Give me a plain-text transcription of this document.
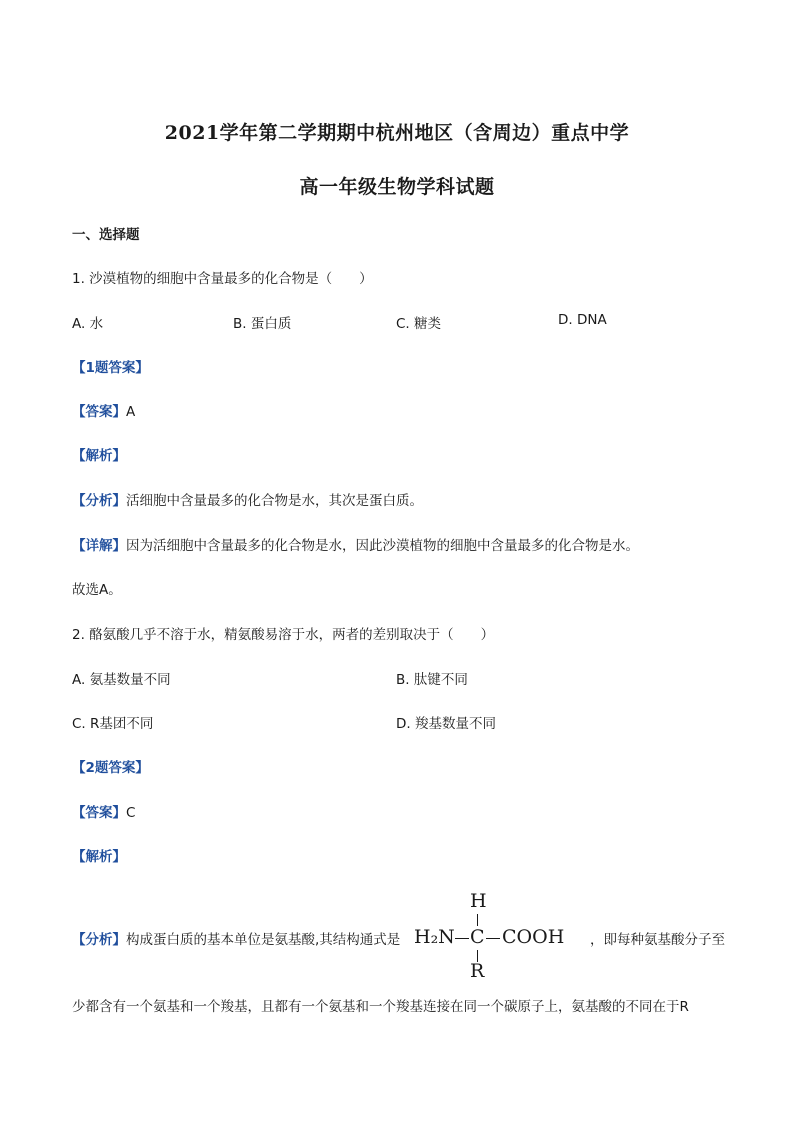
2021学年第二学期期中杭州地区（含周边）重点中学
高一年级生物学科试题
一、选择题
1. 沙漠植物的细胞中含量最多的化合物是（　　）
A. 水	B. 蛋白质	C. 糖类	D. DNA
【1题答案】
【答案】A
【解析】
【分析】活细胞中含量最多的化合物是水，其次是蛋白质。
【详解】因为活细胞中含量最多的化合物是水，因此沙漠植物的细胞中含量最多的化合物是水。
故选A。
2. 酪氨酸几乎不溶于水，精氨酸易溶于水，两者的差别取决于（　　）
A. 氨基数量不同	B. 肽键不同
C. R基团不同	D. 羧基数量不同
【2题答案】
【答案】C
【解析】
【分析】构成蛋白质的基本单位是氨基酸,其结构通式是
H
H₂N C COOH
R
，即每种氨基酸分子至
少都含有一个氨基和一个羧基，且都有一个氨基和一个羧基连接在同一个碳原子上，氨基酸的不同在于R
